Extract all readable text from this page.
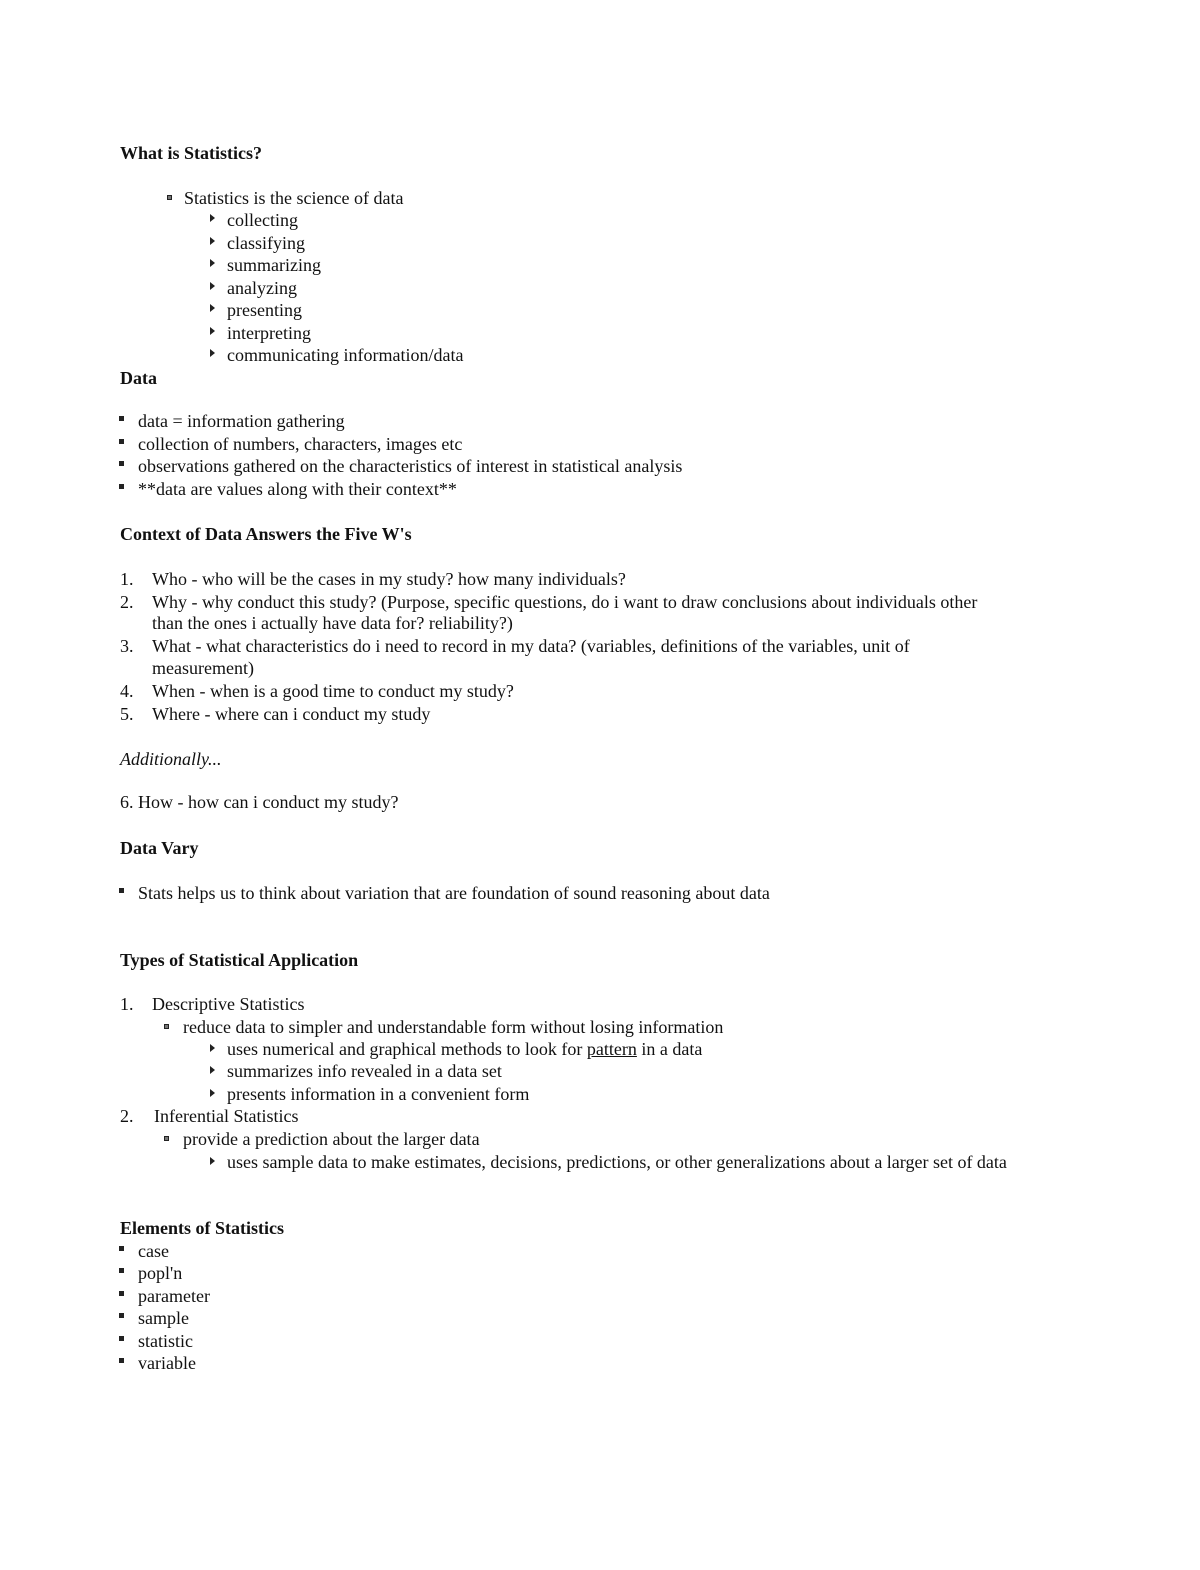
What is Statistics?
Statistics is the science of data
collecting
classifying
summarizing
analyzing
presenting
interpreting
communicating information/data
Data
data = information gathering
collection of numbers, characters, images etc
observations gathered on the characteristics of interest in statistical analysis
**data are values along with their context**
Context of Data Answers the Five W's
1. Who - who will be the cases in my study? how many individuals?
2. Why - why conduct this study? (Purpose, specific questions, do i want to draw conclusions about individuals other
than the ones i actually have data for? reliability?)
3. What - what characteristics do i need to record in my data? (variables, definitions of the variables, unit of
measurement)
4. When - when is a good time to conduct my study?
5. Where - where can i conduct my study
Additionally...
6. How - how can i conduct my study?
Data Vary
Stats helps us to think about variation that are foundation of sound reasoning about data
Types of Statistical Application
1. Descriptive Statistics
reduce data to simpler and understandable form without losing information
uses numerical and graphical methods to look for pattern in a data
summarizes info revealed in a data set
presents information in a convenient form
2. Inferential Statistics
provide a prediction about the larger data
uses sample data to make estimates, decisions, predictions, or other generalizations about a larger set of data
Elements of Statistics
case
popl'n
parameter
sample
statistic
variable
